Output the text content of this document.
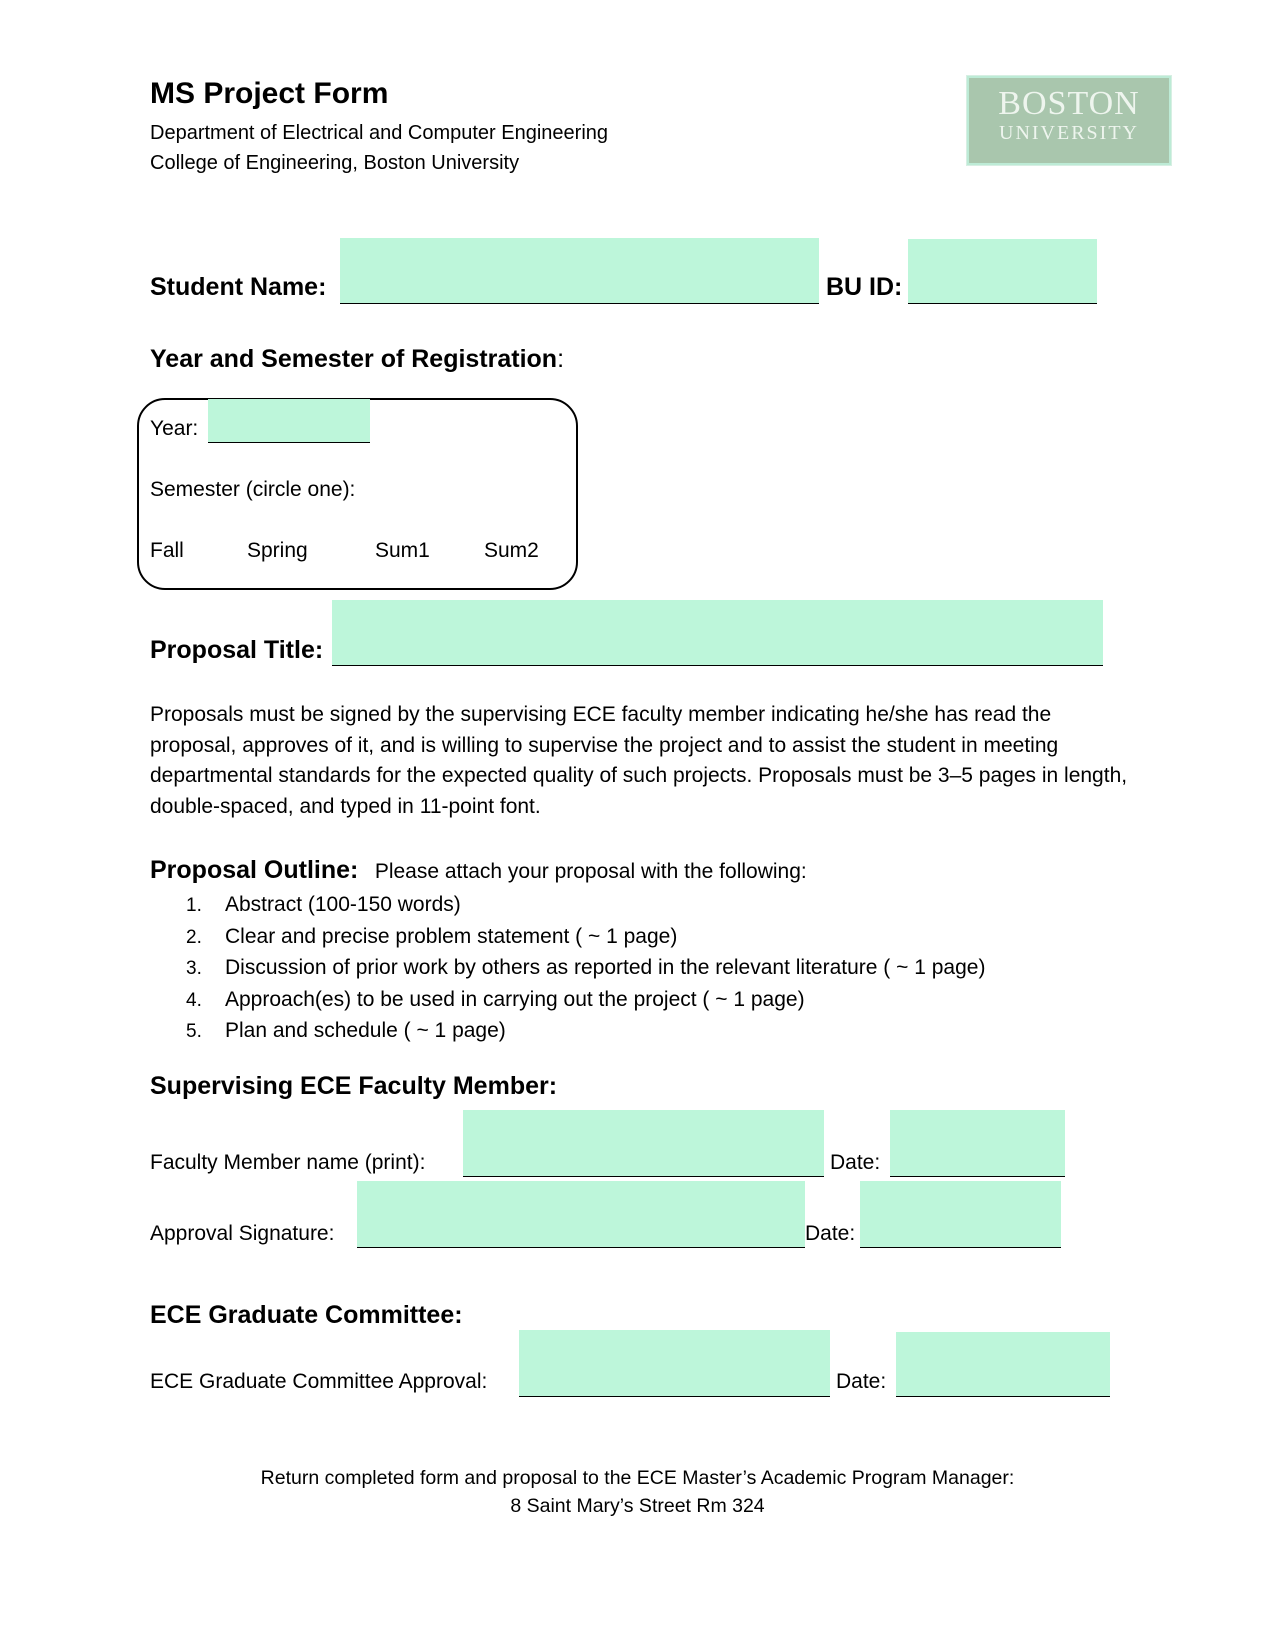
MS Project Form
Department of Electrical and Computer Engineering
College of Engineering, Boston University
BOSTON
UNIVERSITY
Student Name:	BU ID:
Year and Semester of Registration:
Year:
Semester (circle one):
Fall	Spring	Sum1	Sum2
Proposal Title:
Proposals must be signed by the supervising ECE faculty member indicating he/she has read the proposal, approves of it, and is willing to supervise the project and to assist the student in meeting departmental standards for the expected quality of such projects. Proposals must be 3–5 pages in length, double-spaced, and typed in 11-point font.
Proposal Outline: Please attach your proposal with the following:
1. Abstract (100-150 words)
2. Clear and precise problem statement ( ~ 1 page)
3. Discussion of prior work by others as reported in the relevant literature ( ~ 1 page)
4. Approach(es) to be used in carrying out the project ( ~ 1 page)
5. Plan and schedule ( ~ 1 page)
Supervising ECE Faculty Member:
Faculty Member name (print):	Date:
Approval Signature:	Date:
ECE Graduate Committee:
ECE Graduate Committee Approval:	Date:
Return completed form and proposal to the ECE Master’s Academic Program Manager:
8 Saint Mary’s Street Rm 324
